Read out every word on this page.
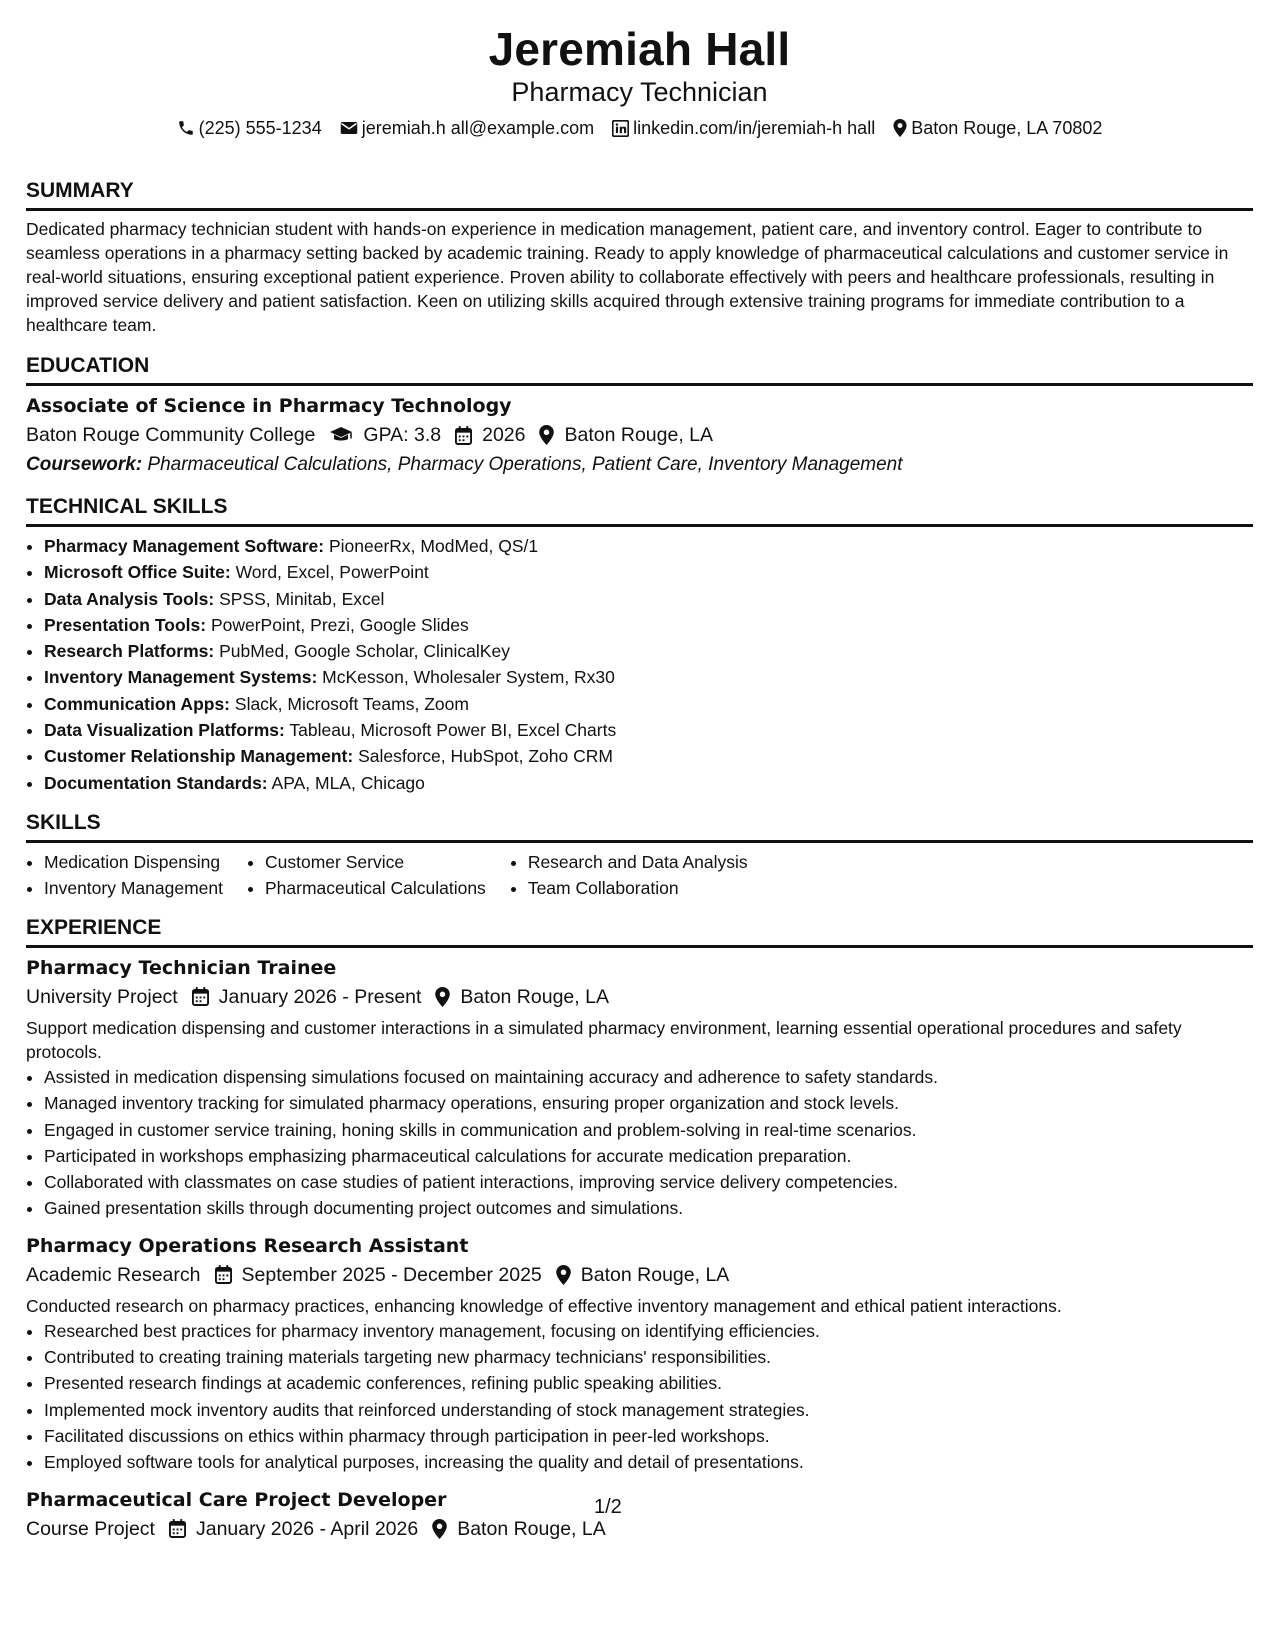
Jeremiah Hall
Pharmacy Technician
(225) 555-1234 jeremiah.h all@example.com linkedin.com/in/jeremiah-h hall Baton Rouge, LA 70802
SUMMARY
Dedicated pharmacy technician student with hands-on experience in medication management, patient care, and inventory control. Eager to contribute to seamless operations in a pharmacy setting backed by academic training. Ready to apply knowledge of pharmaceutical calculations and customer service in real-world situations, ensuring exceptional patient experience. Proven ability to collaborate effectively with peers and healthcare professionals, resulting in improved service delivery and patient satisfaction. Keen on utilizing skills acquired through extensive training programs for immediate contribution to a healthcare team.
EDUCATION
Associate of Science in Pharmacy Technology
Baton Rouge Community College GPA: 3.8 2026 Baton Rouge, LA
Coursework: Pharmaceutical Calculations, Pharmacy Operations, Patient Care, Inventory Management
TECHNICAL SKILLS
• Pharmacy Management Software: PioneerRx, ModMed, QS/1
• Microsoft Office Suite: Word, Excel, PowerPoint
• Data Analysis Tools: SPSS, Minitab, Excel
• Presentation Tools: PowerPoint, Prezi, Google Slides
• Research Platforms: PubMed, Google Scholar, ClinicalKey
• Inventory Management Systems: McKesson, Wholesaler System, Rx30
• Communication Apps: Slack, Microsoft Teams, Zoom
• Data Visualization Platforms: Tableau, Microsoft Power BI, Excel Charts
• Customer Relationship Management: Salesforce, HubSpot, Zoho CRM
• Documentation Standards: APA, MLA, Chicago
SKILLS
• Medication Dispensing
• Inventory Management
• Customer Service
• Pharmaceutical Calculations
• Research and Data Analysis
• Team Collaboration
EXPERIENCE
Pharmacy Technician Trainee
University Project January 2026 - Present Baton Rouge, LA
Support medication dispensing and customer interactions in a simulated pharmacy environment, learning essential operational procedures and safety protocols.
• Assisted in medication dispensing simulations focused on maintaining accuracy and adherence to safety standards.
• Managed inventory tracking for simulated pharmacy operations, ensuring proper organization and stock levels.
• Engaged in customer service training, honing skills in communication and problem-solving in real-time scenarios.
• Participated in workshops emphasizing pharmaceutical calculations for accurate medication preparation.
• Collaborated with classmates on case studies of patient interactions, improving service delivery competencies.
• Gained presentation skills through documenting project outcomes and simulations.
Pharmacy Operations Research Assistant
Academic Research September 2025 - December 2025 Baton Rouge, LA
Conducted research on pharmacy practices, enhancing knowledge of effective inventory management and ethical patient interactions.
• Researched best practices for pharmacy inventory management, focusing on identifying efficiencies.
• Contributed to creating training materials targeting new pharmacy technicians' responsibilities.
• Presented research findings at academic conferences, refining public speaking abilities.
• Implemented mock inventory audits that reinforced understanding of stock management strategies.
• Facilitated discussions on ethics within pharmacy through participation in peer-led workshops.
• Employed software tools for analytical purposes, increasing the quality and detail of presentations.
Pharmaceutical Care Project Developer
Course Project January 2026 - April 2026 Baton Rouge, LA
1/2
